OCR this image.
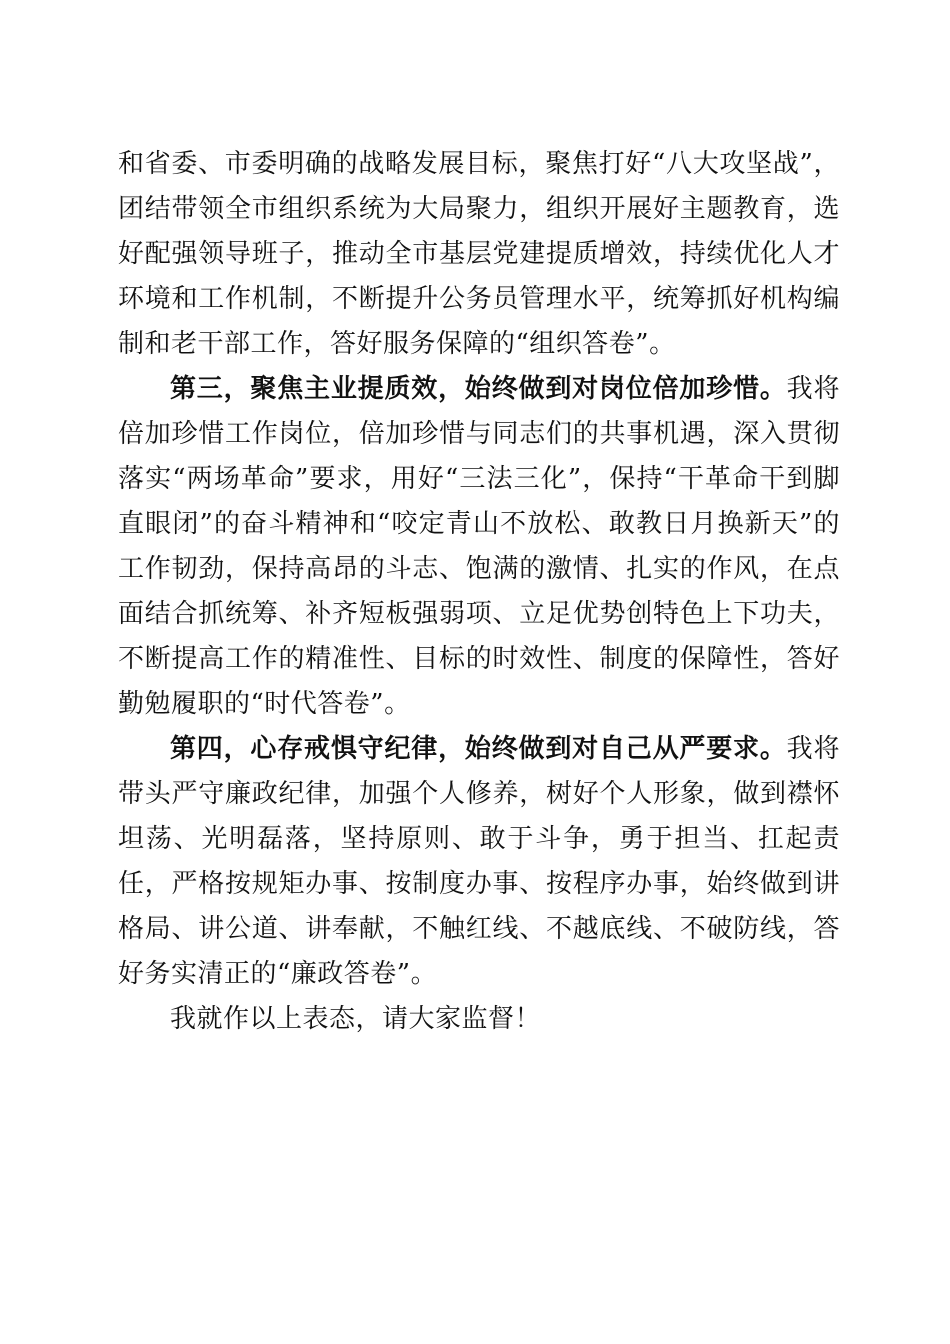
和省委、市委明确的战略发展目标，聚焦打好“八大攻坚战”，团结带领全市组织系统为大局聚力，组织开展好主题教育，选好配强领导班子，推动全市基层党建提质增效，持续优化人才环境和工作机制，不断提升公务员管理水平，统筹抓好机构编制和老干部工作，答好服务保障的“组织答卷”。

第三，聚焦主业提质效，始终做到对岗位倍加珍惜。我将倍加珍惜工作岗位，倍加珍惜与同志们的共事机遇，深入贯彻落实“两场革命”要求，用好“三法三化”，保持“干革命干到脚直眼闭”的奋斗精神和“咬定青山不放松、敢教日月换新天”的工作韧劲，保持高昂的斗志、饱满的激情、扎实的作风，在点面结合抓统筹、补齐短板强弱项、立足优势创特色上下功夫，不断提高工作的精准性、目标的时效性、制度的保障性，答好勤勉履职的“时代答卷”。

第四，心存戒惧守纪律，始终做到对自己从严要求。我将带头严守廉政纪律，加强个人修养，树好个人形象，做到襟怀坦荡、光明磊落，坚持原则、敢于斗争，勇于担当、扛起责任，严格按规矩办事、按制度办事、按程序办事，始终做到讲格局、讲公道、讲奉献，不触红线、不越底线、不破防线，答好务实清正的“廉政答卷”。

我就作以上表态，请大家监督！
